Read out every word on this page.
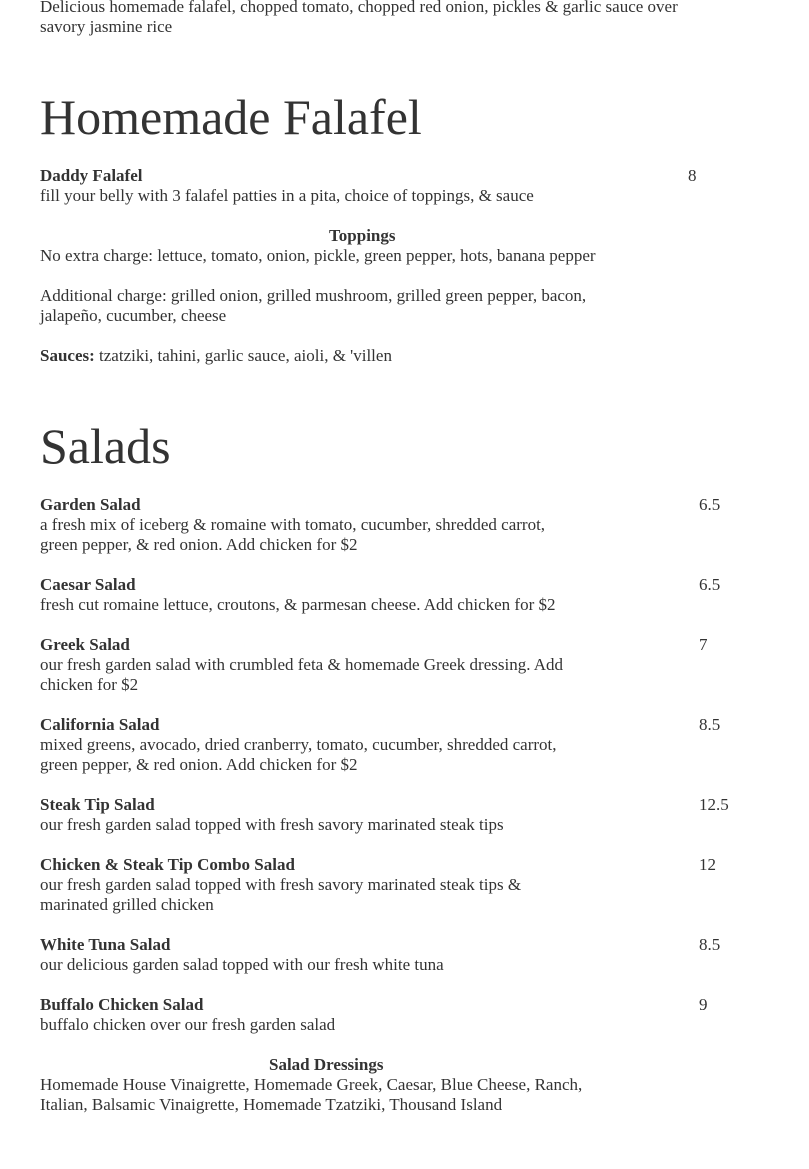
Delicious homemade falafel, chopped tomato, chopped red onion, pickles & garlic sauce over savory jasmine rice

Homemade Falafel
Daddy Falafel	8
fill your belly with 3 falafel patties in a pita, choice of toppings, & sauce
Toppings

No extra charge: lettuce, tomato, onion, pickle, green pepper, hots, banana pepper

Additional charge: grilled onion, grilled mushroom, grilled green pepper, bacon,

jalapeño, cucumber, cheese

Sauces: tzatziki, tahini, garlic sauce, aioli, & 'villen

Salads
Garden Salad	6.5
a fresh mix of iceberg & romaine with tomato, cucumber, shredded carrot,
green pepper, & red onion. Add chicken for $2
Caesar Salad	6.5
fresh cut romaine lettuce, croutons, & parmesan cheese. Add chicken for $2
Greek Salad	7
our fresh garden salad with crumbled feta & homemade Greek dressing. Add
chicken for $2
California Salad	8.5
mixed greens, avocado, dried cranberry, tomato, cucumber, shredded carrot,
green pepper, & red onion. Add chicken for $2
Steak Tip Salad	12.5
our fresh garden salad topped with fresh savory marinated steak tips
Chicken & Steak Tip Combo Salad	12
our fresh garden salad topped with fresh savory marinated steak tips &
marinated grilled chicken
White Tuna Salad	8.5
our delicious garden salad topped with our fresh white tuna
Buffalo Chicken Salad	9
buffalo chicken over our fresh garden salad
Salad Dressings

Homemade House Vinaigrette, Homemade Greek, Caesar, Blue Cheese, Ranch,

Italian, Balsamic Vinaigrette, Homemade Tzatziki, Thousand Island
